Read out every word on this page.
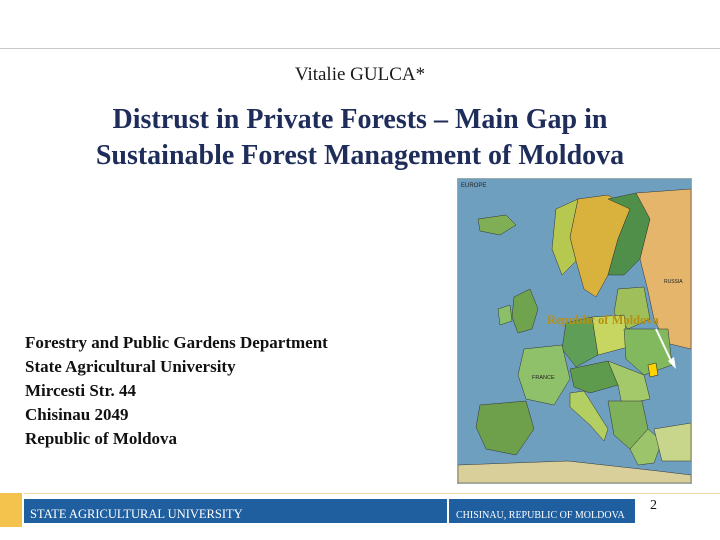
Vitalie GULCA*
Distrust in Private Forests – Main Gap in
Sustainable Forest Management of Moldova
EUROPE
RUSSIA
FRANCE
Republic of Moldova
Forestry and Public Gardens Department
State Agricultural University
Mircesti Str. 44
Chisinau 2049
Republic of Moldova
STATE AGRICULTURAL UNIVERSITY	CHISINAU, REPUBLIC OF MOLDOVA
2
